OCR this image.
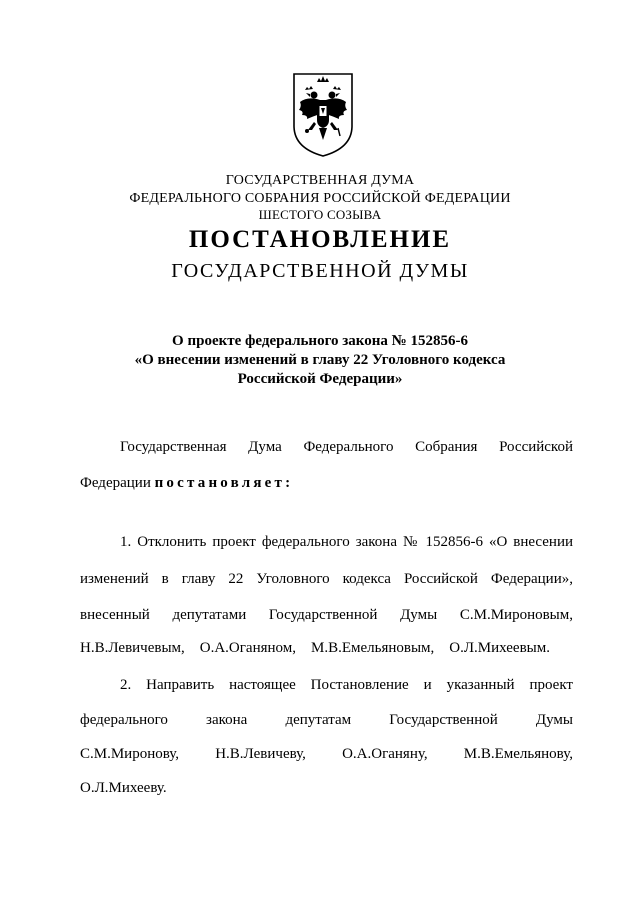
ГОСУДАРСТВЕННАЯ ДУМА
ФЕДЕРАЛЬНОГО СОБРАНИЯ РОССИЙСКОЙ ФЕДЕРАЦИИ
ШЕСТОГО СОЗЫВА
ПОСТАНОВЛЕНИЕ
ГОСУДАРСТВЕННОЙ ДУМЫ
О проекте федерального закона № 152856-6
«О внесении изменений в главу 22 Уголовного кодекса
Российской Федерации»
Государственная Дума Федерального Собрания Российской
Федерации постановляет:
1. Отклонить проект федерального закона № 152856-6 «О внесении
изменений в главу 22 Уголовного кодекса Российской Федерации»,
внесенный депутатами Государственной Думы С.М.Мироновым,
Н.В.Левичевым, О.А.Оганяном, М.В.Емельяновым, О.Л.Михеевым.
2. Направить настоящее Постановление и указанный проект
федерального закона депутатам Государственной Думы
С.М.Миронову, Н.В.Левичеву, О.А.Оганяну, М.В.Емельянову,
О.Л.Михееву.
